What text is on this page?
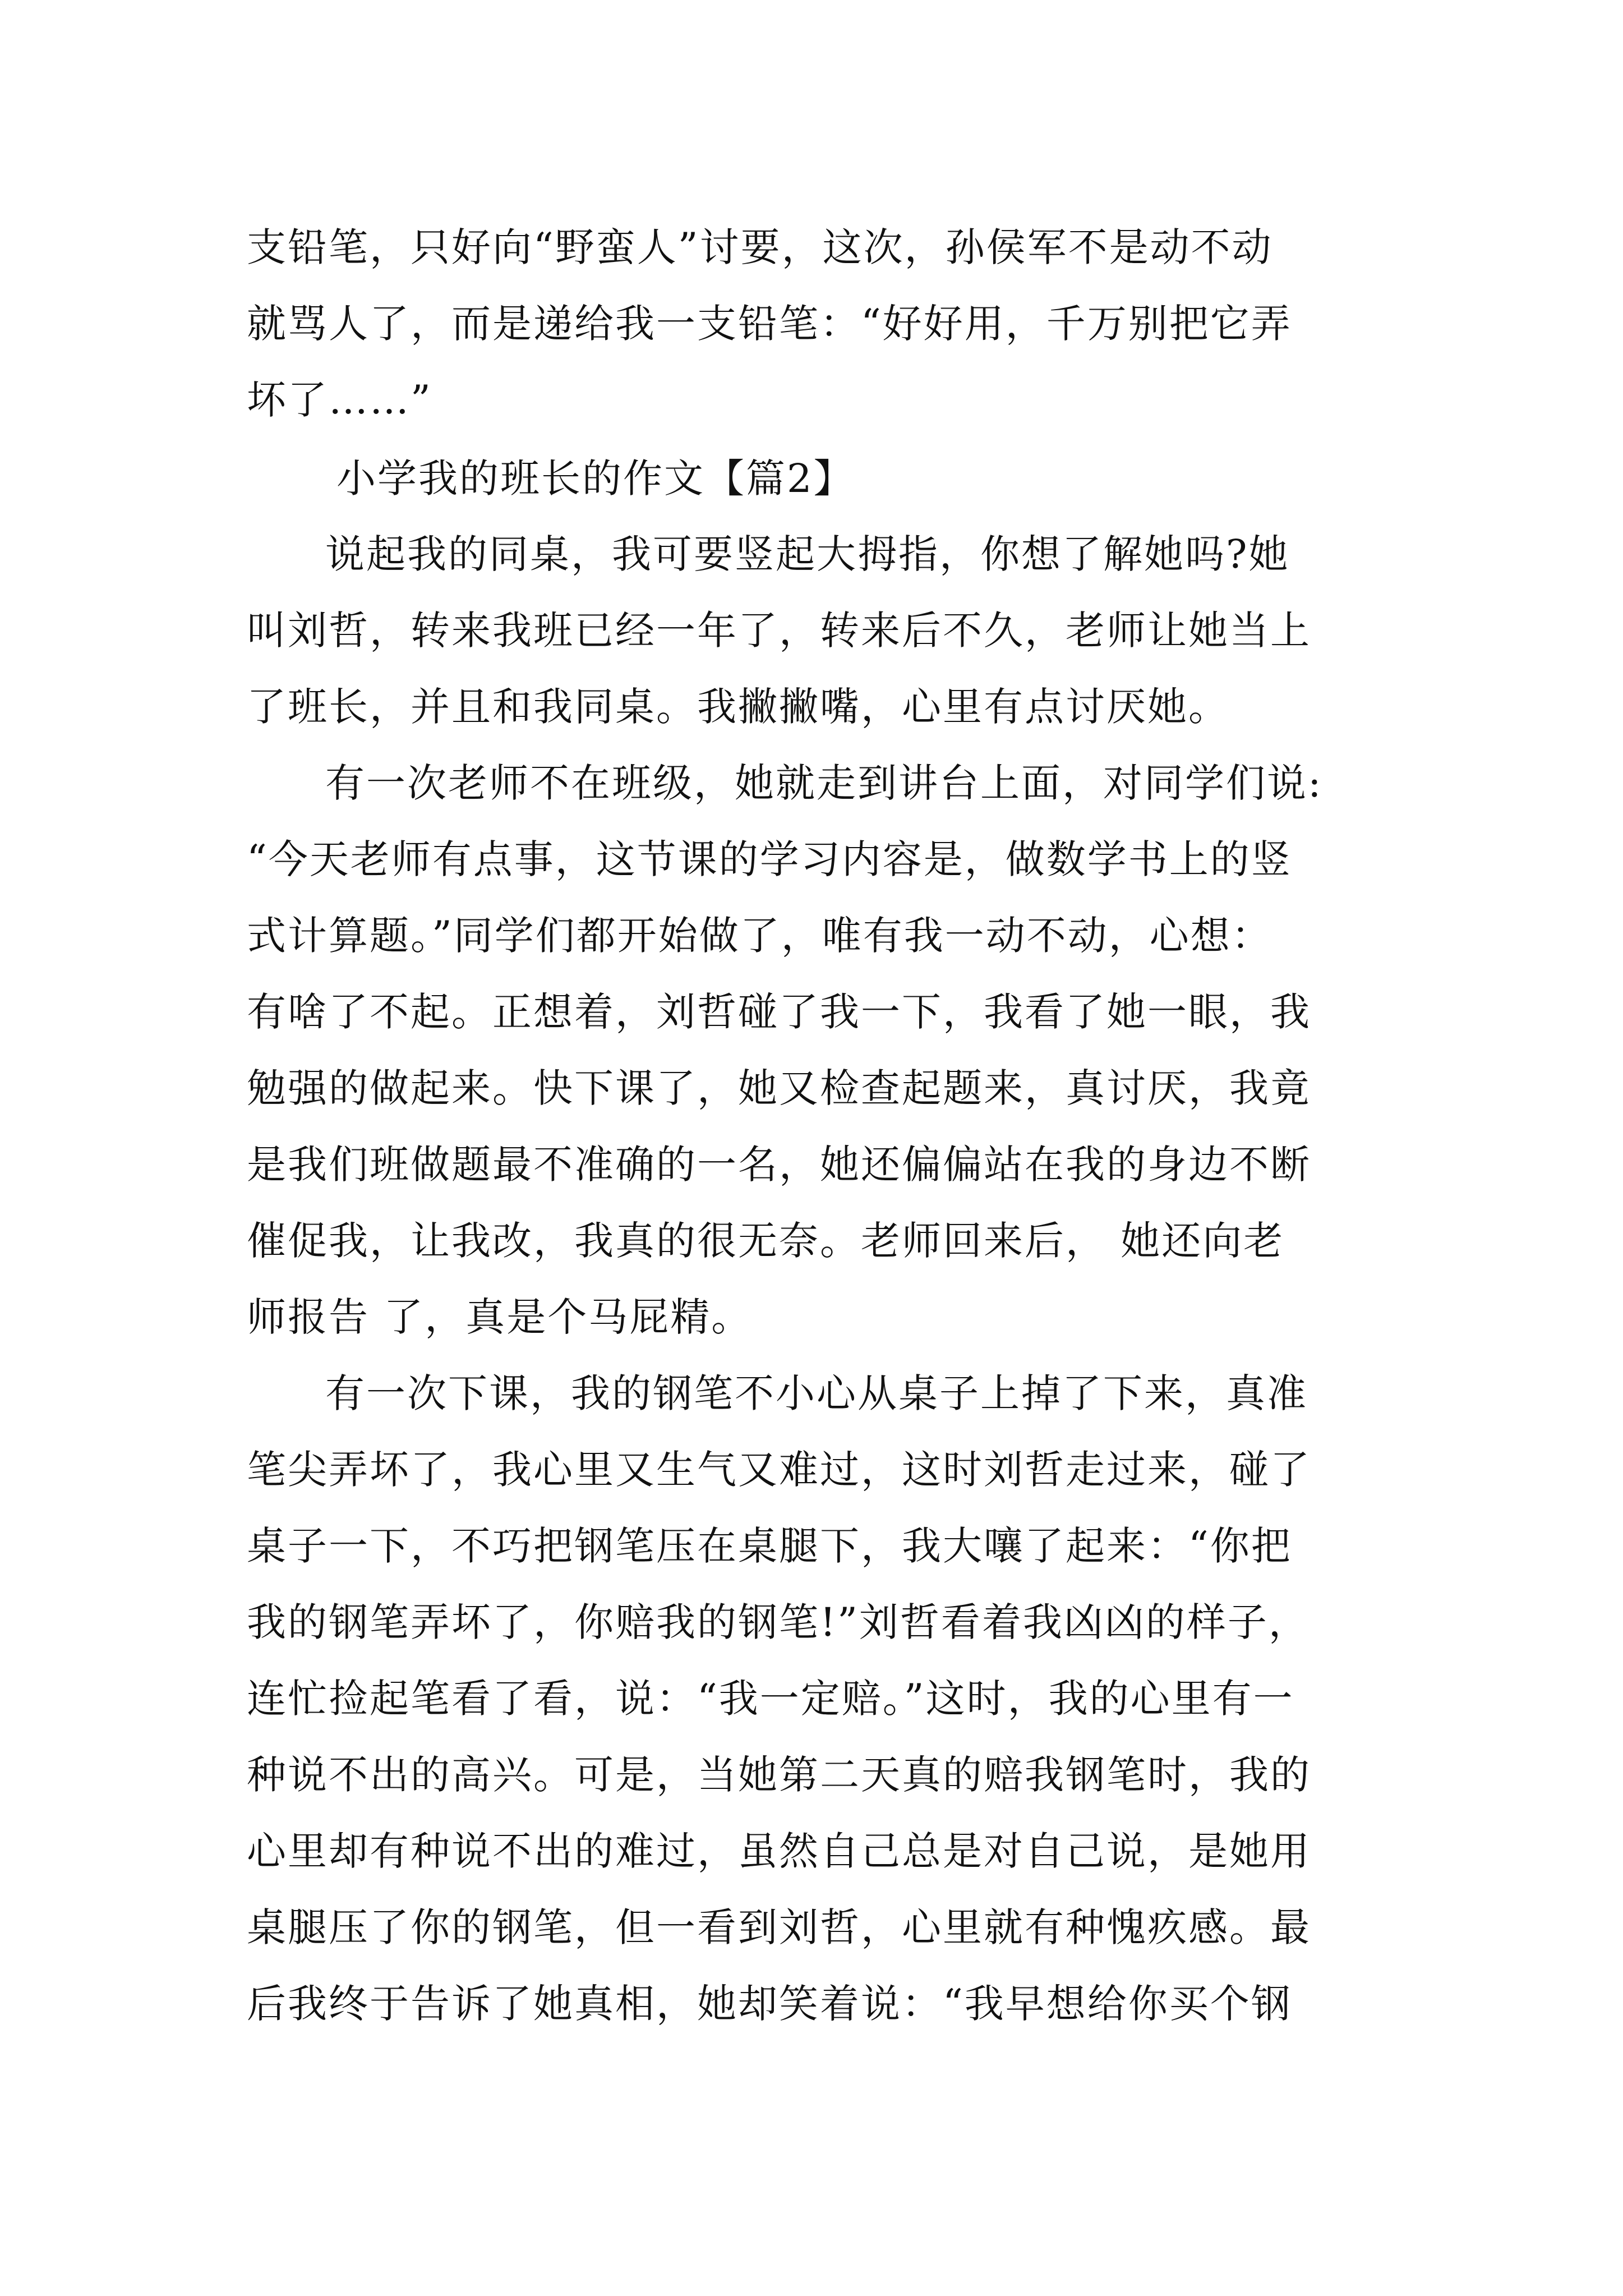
支铅笔，只好向“野蛮人”讨要，这次，孙侯军不是动不动
就骂人了，而是递给我一支铅笔：“好好用，千万别把它弄
坏了……”
小学我的班长的作文【篇2】
说起我的同桌，我可要竖起大拇指，你想了解她吗?她
叫刘哲，转来我班已经一年了，转来后不久，老师让她当上
了班长，并且和我同桌。我撇撇嘴，心里有点讨厌她。
有一次老师不在班级，她就走到讲台上面，对同学们说:
“今天老师有点事，这节课的学习内容是，做数学书上的竖
式计算题。”同学们都开始做了，唯有我一动不动，心想：
有啥了不起。正想着，刘哲碰了我一下，我看了她一眼，我
勉强的做起来。快下课了，她又检查起题来，真讨厌，我竟
是我们班做题最不准确的一名，她还偏偏站在我的身边不断
催促我，让我改，我真的很无奈。老师回来后， 她还向老
师报告 了，真是个马屁精。
有一次下课，我的钢笔不小心从桌子上掉了下来，真准
笔尖弄坏了，我心里又生气又难过，这时刘哲走过来，碰了
桌子一下，不巧把钢笔压在桌腿下，我大嚷了起来：“你把
我的钢笔弄坏了，你赔我的钢笔!”刘哲看着我凶凶的样子，
连忙捡起笔看了看，说：“我一定赔。”这时，我的心里有一
种说不出的高兴。可是，当她第二天真的赔我钢笔时，我的
心里却有种说不出的难过，虽然自己总是对自己说，是她用
桌腿压了你的钢笔，但一看到刘哲，心里就有种愧疚感。最
后我终于告诉了她真相，她却笑着说：“我早想给你买个钢
